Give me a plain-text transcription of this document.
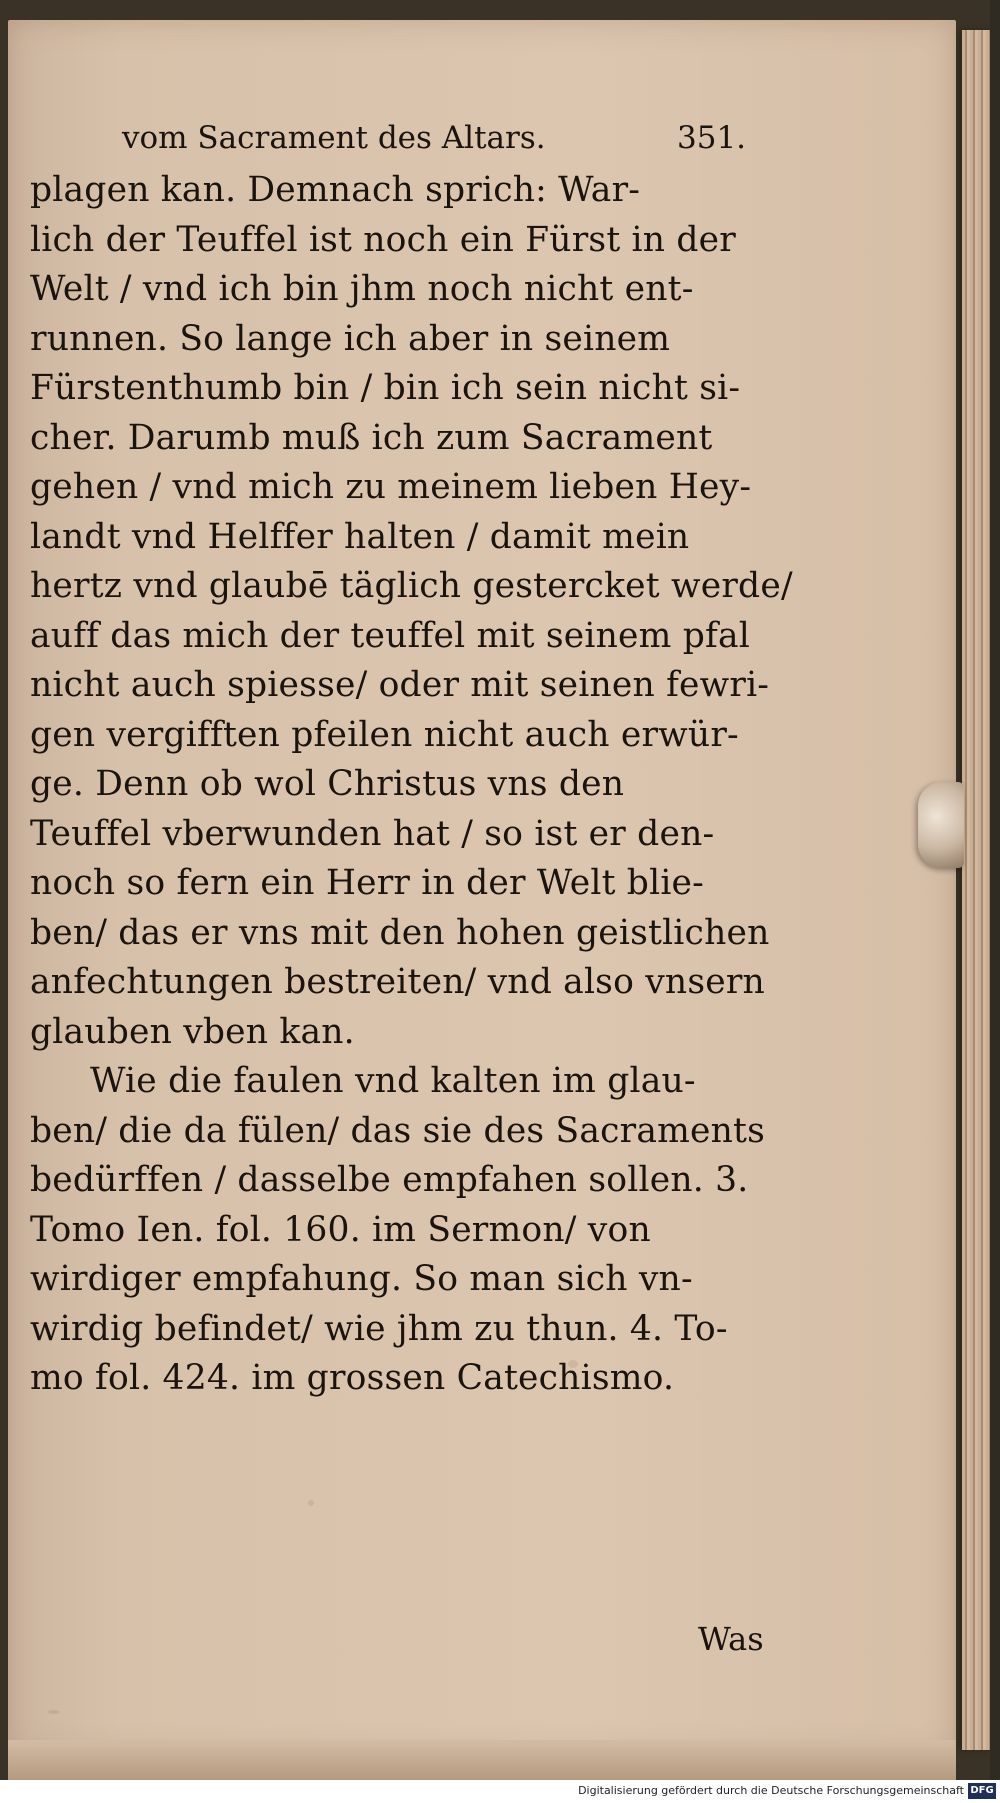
vom Sacrament des Altars.	351.
plagen kan. Demnach sprich: War-
lich der Teuffel ist noch ein Fürst in der
Welt / vnd ich bin jhm noch nicht ent-
runnen. So lange ich aber in seinem
Fürstenthumb bin / bin ich sein nicht si-
cher. Darumb muß ich zum Sacrament
gehen / vnd mich zu meinem lieben Hey-
landt vnd Helffer halten / damit mein
hertz vnd glaubē täglich gestercket werde/
auff das mich der teuffel mit seinem pfal
nicht auch spiesse/ oder mit seinen fewri-
gen vergifften pfeilen nicht auch erwür-
ge. Denn ob wol Christus vns den
Teuffel vberwunden hat / so ist er den-
noch so fern ein Herr in der Welt blie-
ben/ das er vns mit den hohen geistlichen
anfechtungen bestreiten/ vnd also vnsern
glauben vben kan.
Wie die faulen vnd kalten im glau-
ben/ die da fülen/ das sie des Sacraments
bedürffen / dasselbe empfahen sollen. 3.
Tomo Ien. fol. 160. im Sermon/ von
wirdiger empfahung. So man sich vn-
wirdig befindet/ wie jhm zu thun. 4. To-
mo fol. 424. im grossen Catechismo.
Was
Digitalisierung gefördert durch die Deutsche Forschungsgemeinschaft DFG
